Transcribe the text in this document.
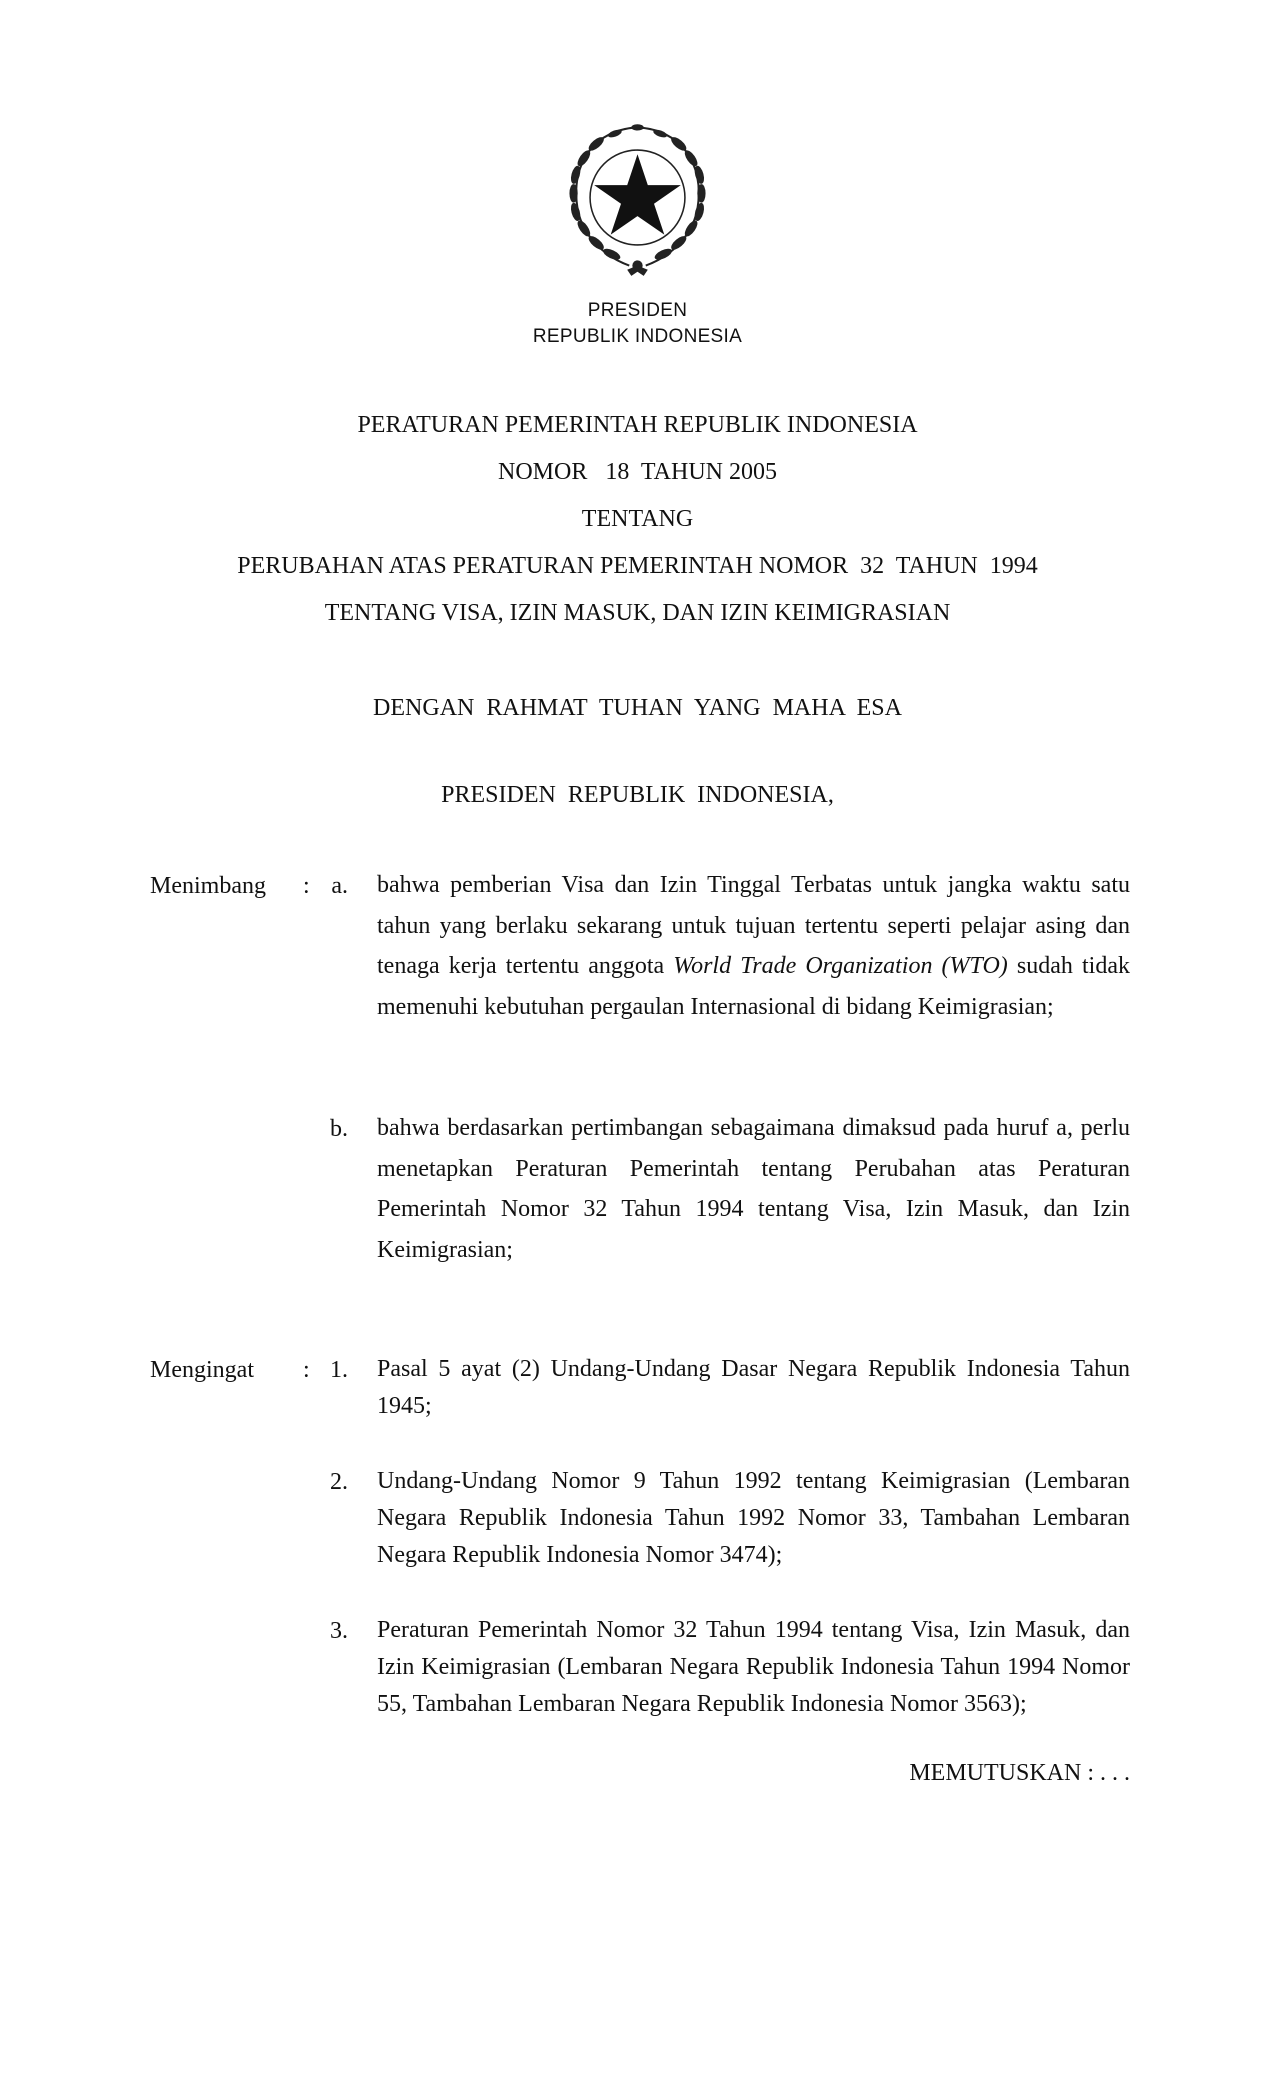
PRESIDEN
REPUBLIK INDONESIA
PERATURAN PEMERINTAH REPUBLIK INDONESIA
NOMOR   18  TAHUN 2005
TENTANG
PERUBAHAN ATAS PERATURAN PEMERINTAH NOMOR  32  TAHUN  1994
TENTANG VISA, IZIN MASUK, DAN IZIN KEIMIGRASIAN
DENGAN  RAHMAT  TUHAN  YANG  MAHA  ESA
PRESIDEN  REPUBLIK  INDONESIA,
Menimbang : a. bahwa pemberian Visa dan Izin Tinggal Terbatas untuk jangka waktu satu tahun yang berlaku sekarang untuk tujuan tertentu seperti pelajar asing dan tenaga kerja tertentu anggota World Trade Organization (WTO) sudah tidak memenuhi kebutuhan pergaulan Internasional di bidang Keimigrasian;
b. bahwa berdasarkan pertimbangan sebagaimana dimaksud pada huruf a, perlu menetapkan Peraturan Pemerintah tentang Perubahan atas Peraturan Pemerintah Nomor 32 Tahun 1994 tentang Visa, Izin Masuk, dan Izin Keimigrasian;
Mengingat : 1. Pasal 5 ayat (2) Undang-Undang Dasar Negara Republik Indonesia Tahun 1945;
2. Undang-Undang Nomor 9 Tahun 1992 tentang Keimigrasian (Lembaran Negara Republik Indonesia Tahun 1992 Nomor 33, Tambahan Lembaran Negara Republik Indonesia Nomor 3474);
3. Peraturan Pemerintah Nomor 32 Tahun 1994 tentang Visa, Izin Masuk, dan Izin Keimigrasian (Lembaran Negara Republik Indonesia Tahun 1994 Nomor 55, Tambahan Lembaran Negara Republik Indonesia Nomor 3563);
MEMUTUSKAN : . . .
